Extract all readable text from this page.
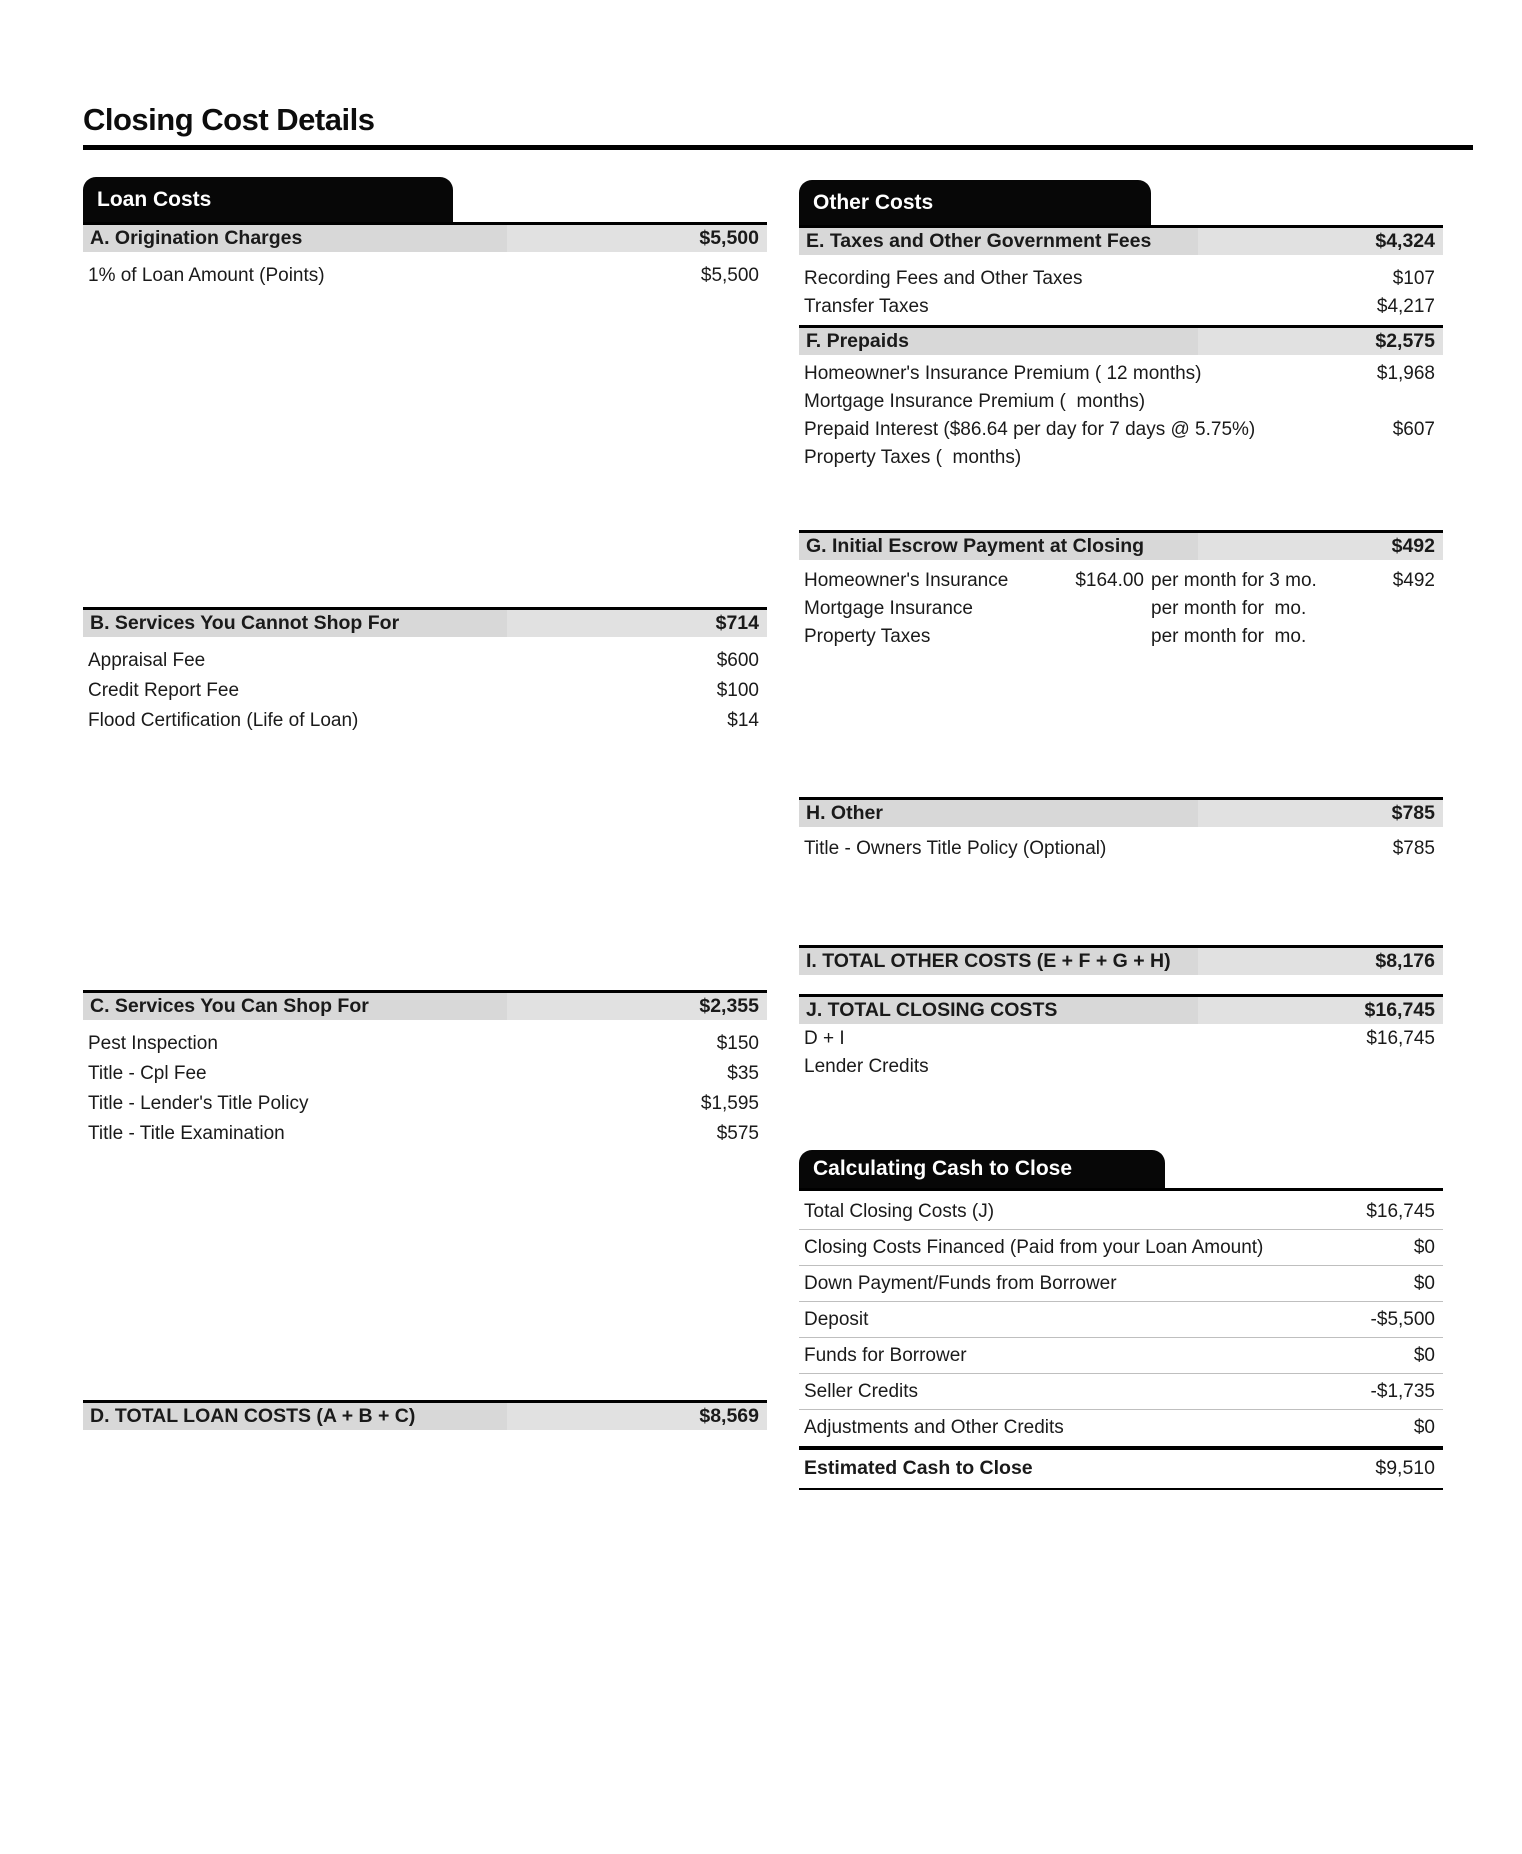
Closing Cost Details
Loan Costs
A. Origination Charges	$5,500
1% of Loan Amount (Points)	$5,500
B. Services You Cannot Shop For	$714
Appraisal Fee	$600
Credit Report Fee	$100
Flood Certification (Life of Loan)	$14
C. Services You Can Shop For	$2,355
Pest Inspection	$150
Title - Cpl Fee	$35
Title - Lender's Title Policy	$1,595
Title - Title Examination	$575
D. TOTAL LOAN COSTS (A + B + C)	$8,569
Other Costs
E. Taxes and Other Government Fees	$4,324
Recording Fees and Other Taxes	$107
Transfer Taxes	$4,217
F. Prepaids	$2,575
Homeowner's Insurance Premium ( 12 months)	$1,968
Mortgage Insurance Premium (  months)
Prepaid Interest ($86.64 per day for 7 days @ 5.75%)	$607
Property Taxes (  months)
G. Initial Escrow Payment at Closing	$492
Homeowner's Insurance	$164.00 per month for 3 mo.	$492
Mortgage Insurance	per month for  mo.
Property Taxes	per month for  mo.
H. Other	$785
Title - Owners Title Policy (Optional)	$785
I. TOTAL OTHER COSTS (E + F + G + H)	$8,176
J. TOTAL CLOSING COSTS	$16,745
D + I	$16,745
Lender Credits
Calculating Cash to Close
Total Closing Costs (J)	$16,745
Closing Costs Financed (Paid from your Loan Amount)	$0
Down Payment/Funds from Borrower	$0
Deposit	-$5,500
Funds for Borrower	$0
Seller Credits	-$1,735
Adjustments and Other Credits	$0
Estimated Cash to Close	$9,510
